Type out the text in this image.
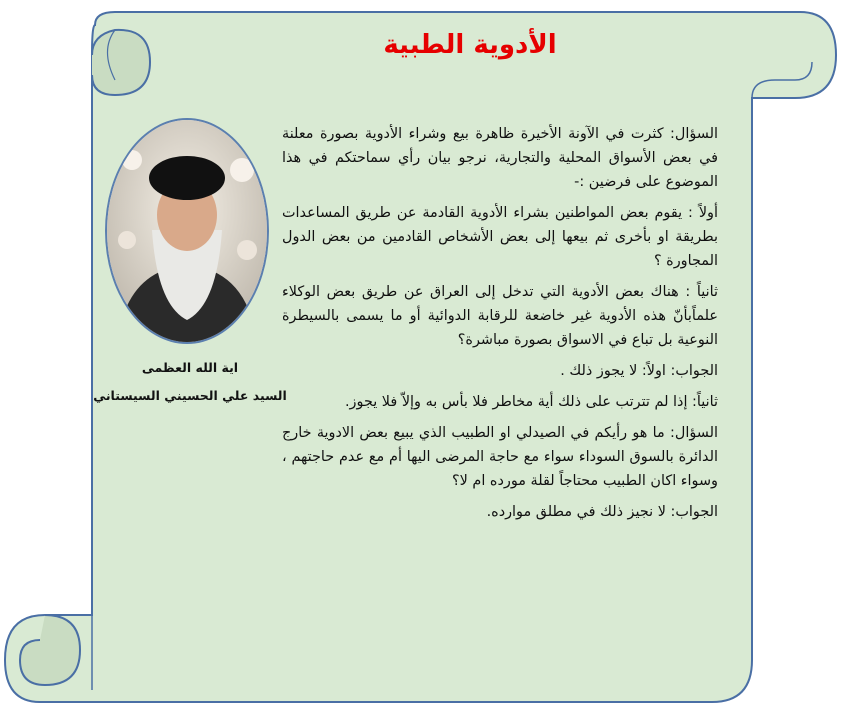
الأدوية الطبية
اية الله العظمى
السيد علي الحسيني السيستاني

السؤال: كثرت في الآونة الأخيرة ظاهرة بيع وشراء الأدوية بصورة معلنة في بعض الأسواق المحلية والتجارية، نرجو بيان رأي سماحتكم في هذا الموضوع على فرضين :-

أولاً : يقوم بعض المواطنين بشراء الأدوية القادمة عن طريق المساعدات بطريقة او بأخرى ثم بيعها إلى بعض الأشخاص القادمين من بعض الدول المجاورة ؟

ثانياً : هناك بعض الأدوية التي تدخل إلى العراق عن طريق بعض الوكلاء علماًبأنّ هذه الأدوية غير خاضعة للرقابة الدوائية أو ما يسمى بالسيطرة النوعية بل تباع في الاسواق بصورة مباشرة؟

الجواب: اولاً: لا يجوز ذلك .

ثانياً: إذا لم تترتب على ذلك أية مخاطر فلا بأس به وإلاّ فلا يجوز.

السؤال: ما هو رأيكم في الصيدلي او الطبيب الذي يبيع بعض الادوية خارج الدائرة بالسوق السوداء سواء مع حاجة المرضى اليها أم مع عدم حاجتهم ، وسواء اكان الطبيب محتاجاً لقلة مورده ام لا؟

الجواب: لا نجيز ذلك في مطلق موارده.
